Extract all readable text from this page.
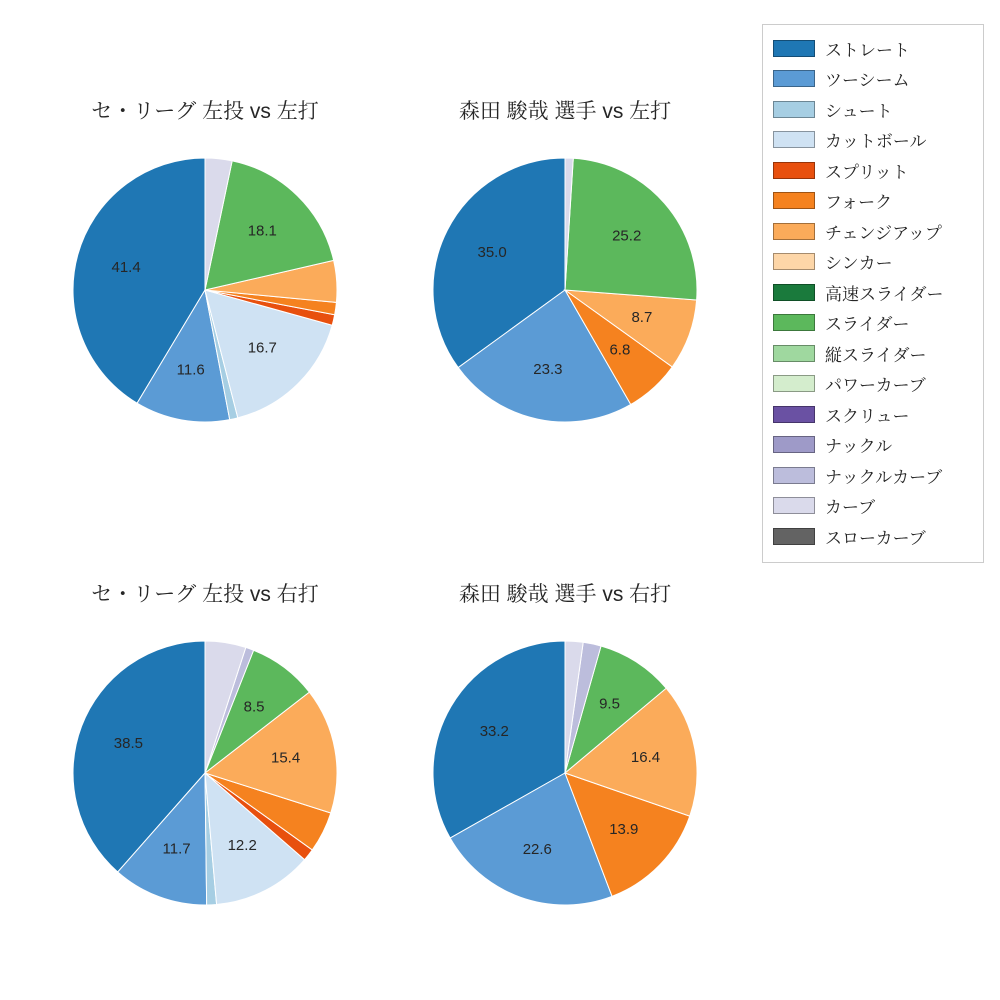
セ・リーグ 左投 vs 左打
41.4
11.6
16.7
18.1
森田 駿哉 選手 vs 左打
35.0
23.3
6.8
8.7
25.2
セ・リーグ 左投 vs 右打
38.5
11.7 12.2
15.4
8.5
森田 駿哉 選手 vs 右打
33.2
22.6
13.9
16.4
9.5
ストレート
ツーシーム
シュート
カットボール
スプリット
フォーク
チェンジアップ
シンカー
高速スライダー
スライダー
縦スライダー
パワーカーブ
スクリュー
ナックル
ナックルカーブ
カーブ
スローカーブ
